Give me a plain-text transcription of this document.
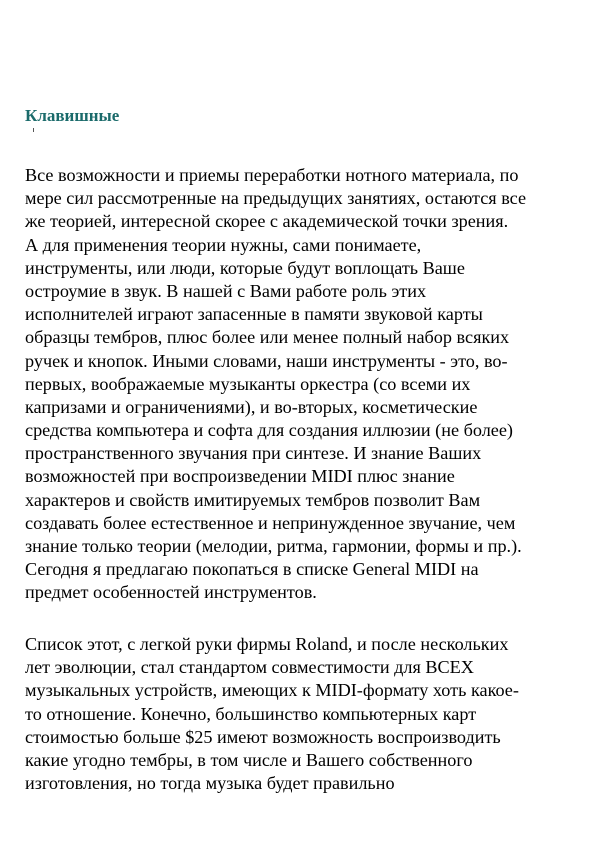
Клавишные

Все возможности и приемы переработки нотного материала, по
мере сил рассмотренные на предыдущих занятиях, остаются все
же теорией, интересной скорее с академической точки зрения.
А для применения теории нужны, сами понимаете,
инструменты, или люди, которые будут воплощать Ваше
остроумие в звук. В нашей с Вами работе роль этих
исполнителей играют запасенные в памяти звуковой карты
образцы тембров, плюс более или менее полный набор всяких
ручек и кнопок. Иными словами, наши инструменты - это, во-
первых, воображаемые музыканты оркестра (со всеми их
капризами и ограничениями), и во-вторых, косметические
средства компьютера и софта для создания иллюзии (не более)
пространственного звучания при синтезе. И знание Ваших
возможностей при воспроизведении MIDI плюс знание
характеров и свойств имитируемых тембров позволит Вам
создавать более естественное и непринужденное звучание, чем
знание только теории (мелодии, ритма, гармонии, формы и пр.).
Сегодня я предлагаю покопаться в списке General MIDI на
предмет особенностей инструментов.

Список этот, с легкой руки фирмы Roland, и после нескольких
лет эволюции, стал стандартом совместимости для ВСЕХ
музыкальных устройств, имеющих к MIDI-формату хоть какое-
то отношение. Конечно, большинство компьютерных карт
стоимостью больше $25 имеют возможность воспроизводить
какие угодно тембры, в том числе и Вашего собственного
изготовления, но тогда музыка будет правильно
